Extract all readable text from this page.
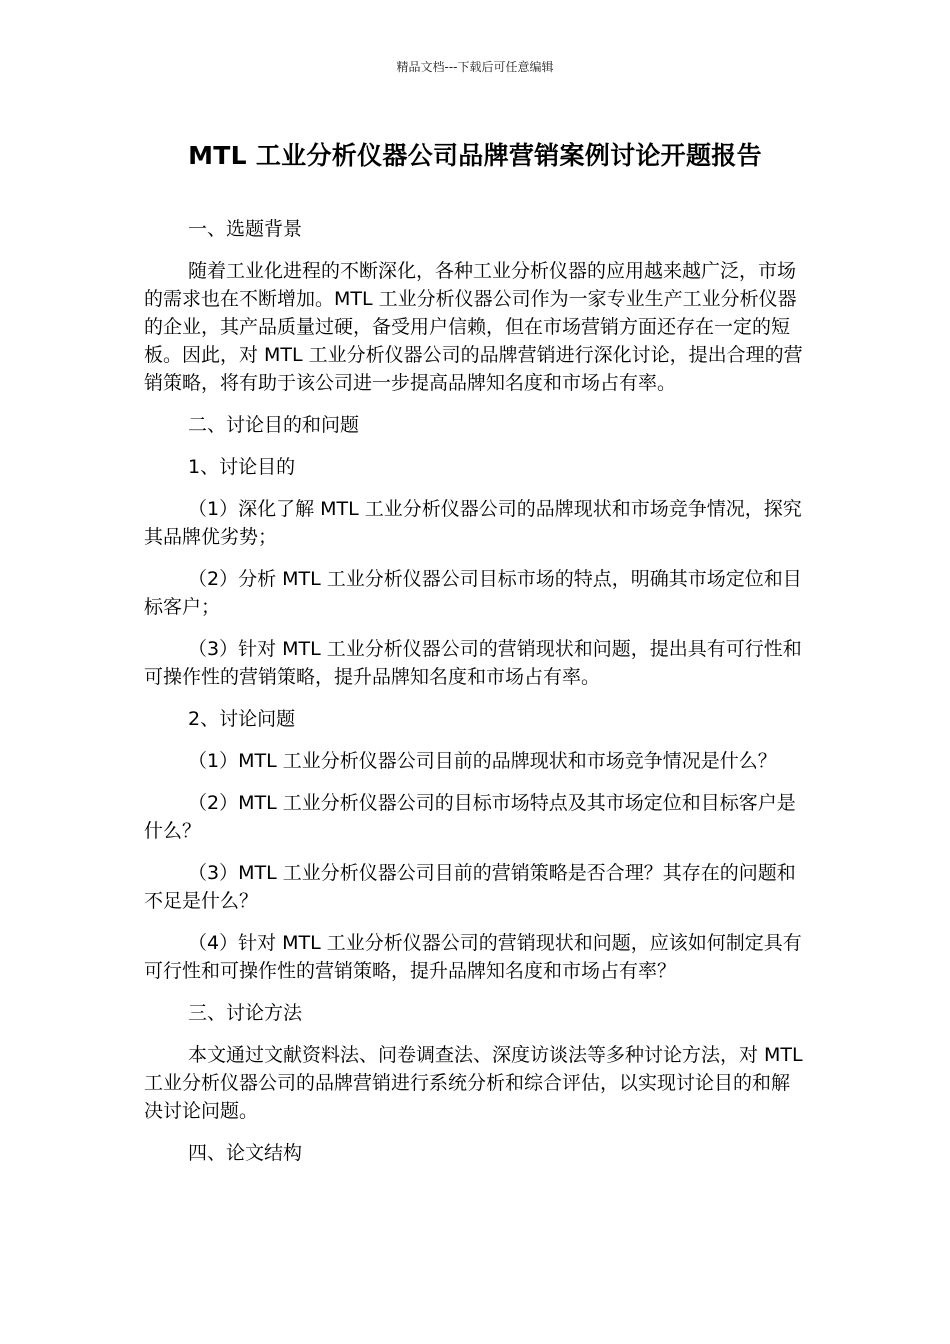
精品文档---下载后可任意编辑
MTL 工业分析仪器公司品牌营销案例讨论开题报告

一、选题背景

随着工业化进程的不断深化，各种工业分析仪器的应用越来越广泛，市场的需求也在不断增加。MTL 工业分析仪器公司作为一家专业生产工业分析仪器的企业，其产品质量过硬，备受用户信赖，但在市场营销方面还存在一定的短板。因此，对 MTL 工业分析仪器公司的品牌营销进行深化讨论，提出合理的营销策略，将有助于该公司进一步提高品牌知名度和市场占有率。

二、讨论目的和问题

1、讨论目的

（1）深化了解 MTL 工业分析仪器公司的品牌现状和市场竞争情况，探究其品牌优劣势；

（2）分析 MTL 工业分析仪器公司目标市场的特点，明确其市场定位和目标客户；

（3）针对 MTL 工业分析仪器公司的营销现状和问题，提出具有可行性和可操作性的营销策略，提升品牌知名度和市场占有率。

2、讨论问题

（1）MTL 工业分析仪器公司目前的品牌现状和市场竞争情况是什么？

（2）MTL 工业分析仪器公司的目标市场特点及其市场定位和目标客户是什么？

（3）MTL 工业分析仪器公司目前的营销策略是否合理？其存在的问题和不足是什么？

（4）针对 MTL 工业分析仪器公司的营销现状和问题，应该如何制定具有可行性和可操作性的营销策略，提升品牌知名度和市场占有率？

三、讨论方法

本文通过文献资料法、问卷调查法、深度访谈法等多种讨论方法，对 MTL 工业分析仪器公司的品牌营销进行系统分析和综合评估，以实现讨论目的和解决讨论问题。

四、论文结构
